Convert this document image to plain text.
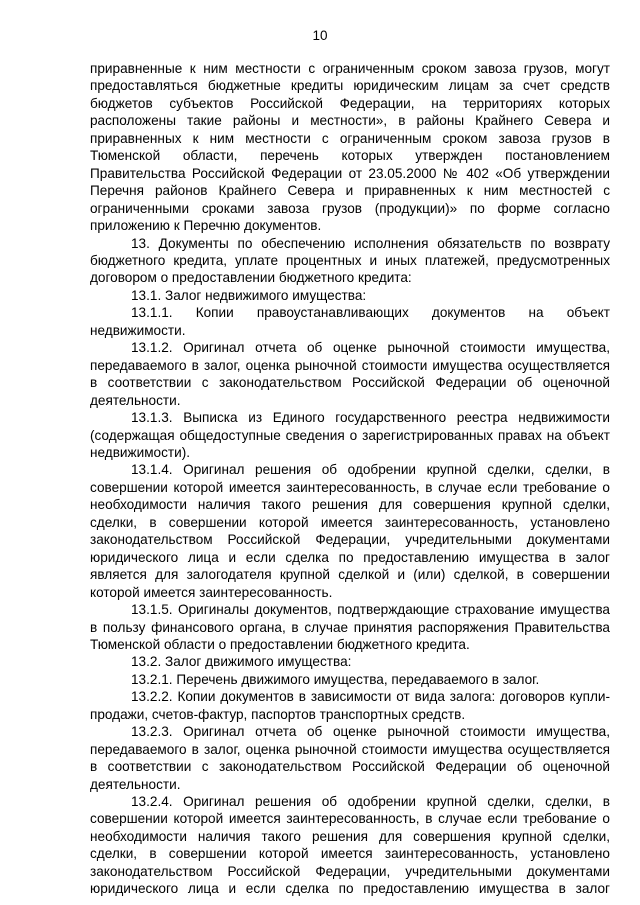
10

приравненные к ним местности с ограниченным сроком завоза грузов, могут предоставляться бюджетные кредиты юридическим лицам за счет средств бюджетов субъектов Российской Федерации, на территориях которых расположены такие районы и местности», в районы Крайнего Севера и приравненных к ним местности с ограниченным сроком завоза грузов в Тюменской области, перечень которых утвержден постановлением Правительства Российской Федерации от 23.05.2000 № 402 «Об утверждении Перечня районов Крайнего Севера и приравненных к ним местностей с ограниченными сроками завоза грузов (продукции)» по форме согласно приложению к Перечню документов.

13. Документы по обеспечению исполнения обязательств по возврату бюджетного кредита, уплате процентных и иных платежей, предусмотренных договором о предоставлении бюджетного кредита:

13.1. Залог недвижимого имущества:

13.1.1. Копии правоустанавливающих документов на объект недвижимости.

13.1.2. Оригинал отчета об оценке рыночной стоимости имущества, передаваемого в залог, оценка рыночной стоимости имущества осуществляется в соответствии с законодательством Российской Федерации об оценочной деятельности.

13.1.3. Выписка из Единого государственного реестра недвижимости (содержащая общедоступные сведения о зарегистрированных правах на объект недвижимости).

13.1.4. Оригинал решения об одобрении крупной сделки, сделки, в совершении которой имеется заинтересованность, в случае если требование о необходимости наличия такого решения для совершения крупной сделки, сделки, в совершении которой имеется заинтересованность, установлено законодательством Российской Федерации, учредительными документами юридического лица и если сделка по предоставлению имущества в залог является для залогодателя крупной сделкой и (или) сделкой, в совершении которой имеется заинтересованность.

13.1.5. Оригиналы документов, подтверждающие страхование имущества в пользу финансового органа, в случае принятия распоряжения Правительства Тюменской области о предоставлении бюджетного кредита.

13.2. Залог движимого имущества:

13.2.1. Перечень движимого имущества, передаваемого в залог.

13.2.2. Копии документов в зависимости от вида залога: договоров купли-продажи, счетов-фактур, паспортов транспортных средств.

13.2.3. Оригинал отчета об оценке рыночной стоимости имущества, передаваемого в залог, оценка рыночной стоимости имущества осуществляется в соответствии с законодательством Российской Федерации об оценочной деятельности.

13.2.4. Оригинал решения об одобрении крупной сделки, сделки, в совершении которой имеется заинтересованность, в случае если требование о необходимости наличия такого решения для совершения крупной сделки, сделки, в совершении которой имеется заинтересованность, установлено законодательством Российской Федерации, учредительными документами юридического лица и если сделка по предоставлению имущества в залог
